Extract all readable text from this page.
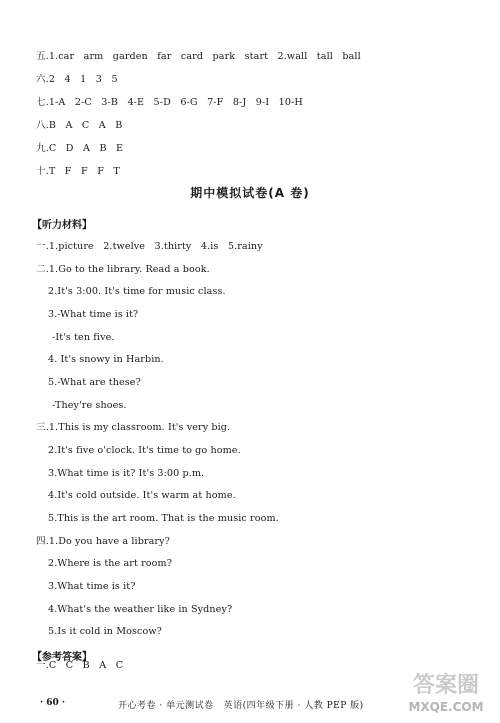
五.1.car   arm   garden   far   card   park   start   2.wall   tall   ball
六.2   4   1   3   5
七.1-A   2-C   3-B   4-E   5-D   6-G   7-F   8-J   9-I   10-H
八.B   A   C   A   B
九.C   D   A   B   E
十.T   F   F   F   T
期中模拟试卷(A 卷)
【听力材料】
一.1.picture   2.twelve   3.thirty   4.is   5.rainy
二.1.Go to the library. Read a book.
2.It's 3:00. It's time for music class.
3.-What time is it?
-It's ten five.
4. It's snowy in Harbin.
5.-What are these?
-They're shoes.
三.1.This is my classroom. It's very big.
2.It's five o'clock. It's time to go home.
3.What time is it? It's 3:00 p.m.
4.It's cold outside. It's warm at home.
5.This is the art room. That is the music room.
四.1.Do you have a library?
2.Where is the art room?
3.What time is it?
4.What's the weather like in Sydney?
5.Is it cold in Moscow?
【参考答案】
一.C   C   B   A   C
· 60 ·	开心考卷 · 单元测试卷   英语(四年级下册 · 人教 PEP 版)
答案圈
MXQE.COM
